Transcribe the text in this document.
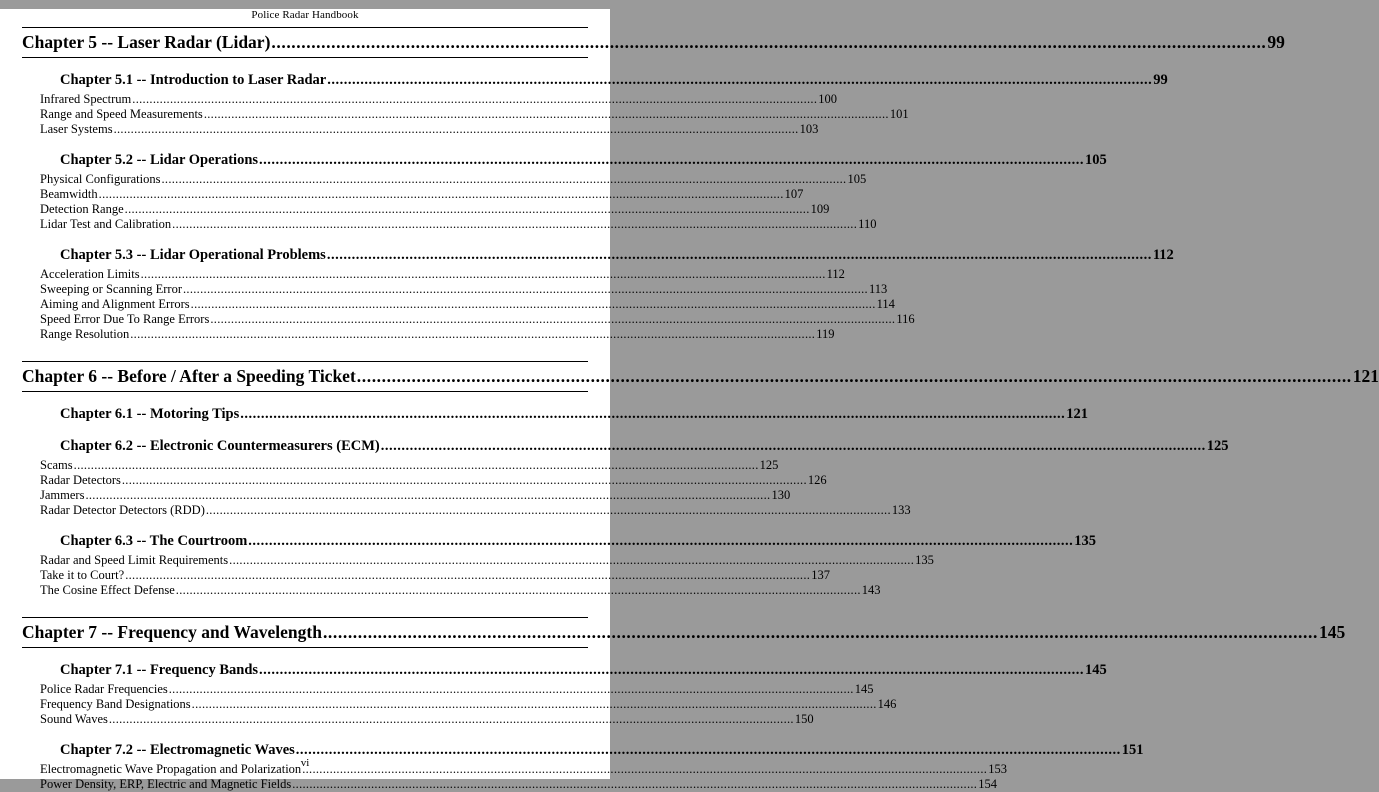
Police Radar Handbook
Chapter 5 -- Laser Radar (Lidar) .....	99
Chapter 5.1 -- Introduction to Laser Radar .....	99
Infrared Spectrum .....	100
Range and Speed Measurements .....	101
Laser Systems .....	103
Chapter 5.2 -- Lidar Operations .....	105
Physical Configurations .....	105
Beamwidth .....	107
Detection Range .....	109
Lidar Test and Calibration .....	110
Chapter 5.3 -- Lidar Operational Problems .....	112
Acceleration Limits .....	112
Sweeping or Scanning Error .....	113
Aiming and Alignment Errors .....	114
Speed Error Due To Range Errors .....	116
Range Resolution .....	119
Chapter 6 -- Before / After a Speeding Ticket .....	121
Chapter 6.1 -- Motoring Tips .....	121
Chapter 6.2 -- Electronic Countermeasurers (ECM) .....	125
Scams .....	125
Radar Detectors .....	126
Jammers .....	130
Radar Detector Detectors (RDD) .....	133
Chapter 6.3 -- The Courtroom .....	135
Radar and Speed Limit Requirements .....	135
Take it to Court? .....	137
The Cosine Effect Defense .....	143
Chapter 7 -- Frequency and Wavelength .....	145
Chapter 7.1 -- Frequency Bands .....	145
Police Radar Frequencies .....	145
Frequency Band Designations .....	146
Sound Waves .....	150
Chapter 7.2 -- Electromagnetic Waves .....	151
Electromagnetic Wave Propagation and Polarization .....	153
Power Density, ERP, Electric and Magnetic Fields .....	154
vi
